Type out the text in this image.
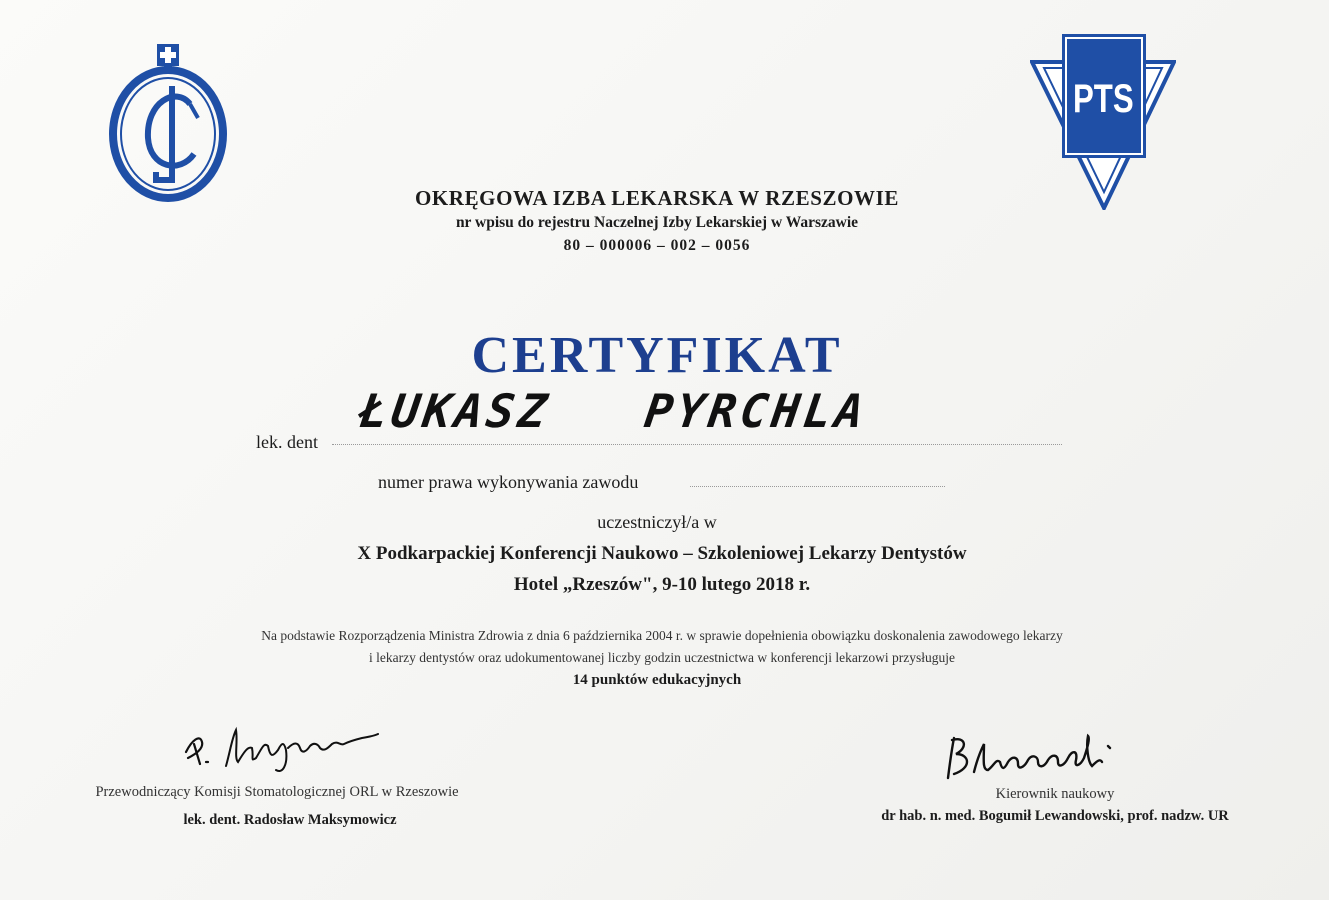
PTS
OKRĘGOWA IZBA LEKARSKA W RZESZOWIE
nr wpisu do rejestru Naczelnej Izby Lekarskiej w Warszawie
80 – 000006 – 002 – 0056
CERTYFIKAT
lek. dent
ŁUKASZ   PYRCHLA
numer prawa wykonywania zawodu
uczestniczył/a w
X Podkarpackiej Konferencji Naukowo – Szkoleniowej Lekarzy Dentystów
Hotel „Rzeszów", 9-10 lutego 2018 r.
Na podstawie Rozporządzenia Ministra Zdrowia z dnia 6 października 2004 r. w sprawie dopełnienia obowiązku doskonalenia zawodowego lekarzy
i lekarzy dentystów oraz udokumentowanej liczby godzin uczestnictwa w konferencji lekarzowi przysługuje
14 punktów edukacyjnych
Przewodniczący Komisji Stomatologicznej ORL w Rzeszowie
lek. dent. Radosław Maksymowicz
Kierownik naukowy
dr hab. n. med. Bogumił Lewandowski, prof. nadzw. UR
